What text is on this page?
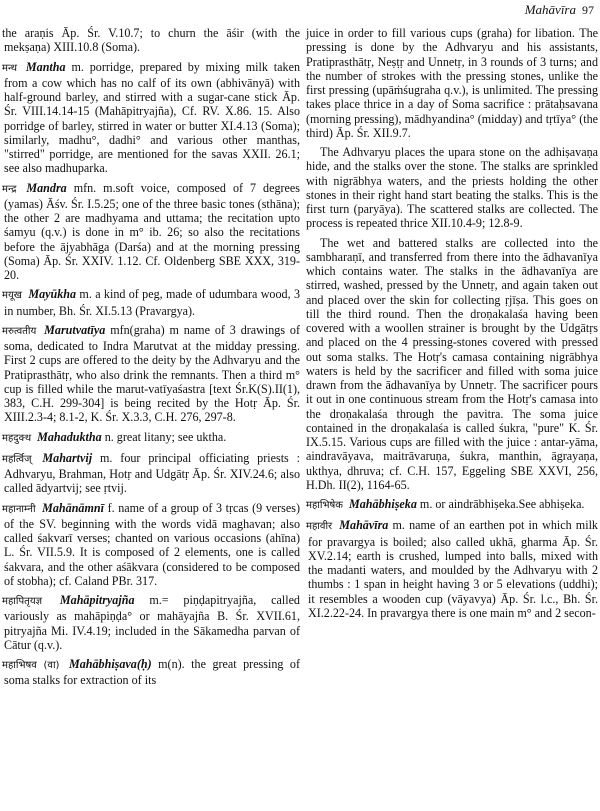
Mahāvīra 97

the araṇis Āp. Śr. V.10.7; to churn the āśir (with the mekṣaṇa) XIII.10.8 (Soma).

मन्थ Mantha m. porridge, prepared by mixing milk taken from a cow which has no calf of its own (abhivānyā) with half-ground barley, and stirred with a sugar-cane stick Āp. Śr. VIII.14.14-15 (Mahāpitryajña), Cf. RV. X.86. 15. Also porridge of barley, stirred in water or butter XI.4.13 (Soma); similarly, madhu°, dadhi° and various other manthas, "stirred" porridge, are mentioned for the savas XXII. 26.1; see also madhuparka.

मन्द्र Mandra mfn. m.soft voice, composed of 7 degrees (yamas) Āśv. Śr. I.5.25; one of the three basic tones (sthāna); the other 2 are madhyama and uttama; the recitation upto śamyu (q.v.) is done in m° ib. 26; so also the recitations before the ājyabhāga (Darśa) and at the morning pressing (Soma) Āp. Śr. XXIV. 1.12. Cf. Oldenberg SBE XXX, 319-20.

मयूख Mayūkha m. a kind of peg, made of udumbara wood, 3 in number, Bh. Śr. XI.5.13 (Pravargya).

मरुत्वतीय Marutvatīya mfn(graha) m name of 3 drawings of soma, dedicated to Indra Marutvat at the midday pressing. First 2 cups are offered to the deity by the Adhvaryu and the Pratiprasthātṛ, who also drink the remnants. Then a third m° cup is filled while the marut-vatīyaśastra [text Śr.K(S).II(1), 383, C.H. 299-304] is being recited by the Hotṛ Āp. Śr. XIII.2.3-4; 8.1-2, K. Śr. X.3.3, C.H. 276, 297-8.

महदुक्थ Mahaduktha n. great litany; see uktha.

महर्त्विज् Mahartvij m. four principal officiating priests : Adhvaryu, Brahman, Hotṛ and Udgātṛ Āp. Śr. XIV.24.6; also called ādyartvij; see ṛtvij.

महानाम्नी Mahānāmnī f. name of a group of 3 tṛcas (9 verses) of the SV. beginning with the words vidā maghavan; also called śakvarī verses; chanted on various occasions (ahīna) L. Śr. VII.5.9. It is composed of 2 elements, one is called śakvara, and the other aśākvara (considered to be composed of stobha); cf. Caland PBr. 317.

महापितृयज्ञ Mahāpitryajña m.= piṇḍapitryajña, called variously as mahāpiṇḍa° or mahāyajña B. Śr. XVII.61, pitryajña Mi. IV.4.19; included in the Sākamedha parvan of Cātur (q.v.).

महाभिषव (वा) Mahābhiṣava(ḥ) m(n). the great pressing of soma stalks for extraction of its

juice in order to fill various cups (graha) for libation. The pressing is done by the Adhvaryu and his assistants, Pratiprasthātṛ, Neṣṭṛ and Unnetṛ, in 3 rounds of 3 turns; and the number of strokes with the pressing stones, unlike the first pressing (upāṁśugraha q.v.), is unlimited. The pressing takes place thrice in a day of Soma sacrifice : prātaḥsavana (morning pressing), mādhyandina° (midday) and tṛtīya° (the third) Āp. Śr. XII.9.7.

The Adhvaryu places the upara stone on the adhiṣavaṇa hide, and the stalks over the stone. The stalks are sprinkled with nigrābhya waters, and the priests holding the other stones in their right hand start beating the stalks. This is the first turn (paryāya). The scattered stalks are collected. The process is repeated thrice XII.10.4-9; 12.8-9.

The wet and battered stalks are collected into the sambharaṇī, and transferred from there into the ādhavanīya which contains water. The stalks in the ādhavanīya are stirred, washed, pressed by the Unnetṛ, and again taken out and placed over the skin for collecting ṛjīṣa. This goes on till the third round. Then the droṇakalaśa having been covered with a woollen strainer is brought by the Udgātṛs and placed on the 4 pressing-stones covered with pressed out soma stalks. The Hotṛ's camasa containing nigrābhya waters is held by the sacrificer and filled with soma juice drawn from the ādhavanīya by Unnetṛ. The sacrificer pours it out in one continuous stream from the Hotṛ's camasa into the droṇakalaśa through the pavitra. The soma juice contained in the droṇakalaśa is called śukra, "pure" K. Śr. IX.5.15. Various cups are filled with the juice : antar-yāma, aindravāyava, maitrāvaruṇa, śukra, manthin, āgrayaṇa, ukthya, dhruva; cf. C.H. 157, Eggeling SBE XXVI, 256, H.Dh. II(2), 1164-65.

महाभिषेक Mahābhiṣeka m. or aindrābhiṣeka.See abhiṣeka.

महावीर Mahāvīra m. name of an earthen pot in which milk for pravargya is boiled; also called ukhā, gharma Āp. Śr. XV.2.14; earth is crushed, lumped into balls, mixed with the madanti waters, and moulded by the Adhvaryu with 2 thumbs : 1 span in height having 3 or 5 elevations (uddhi); it resembles a wooden cup (vāyavya) Āp. Śr. l.c., Bh. Śr. XI.2.22-24. In pravargya there is one main m° and 2 secon-
